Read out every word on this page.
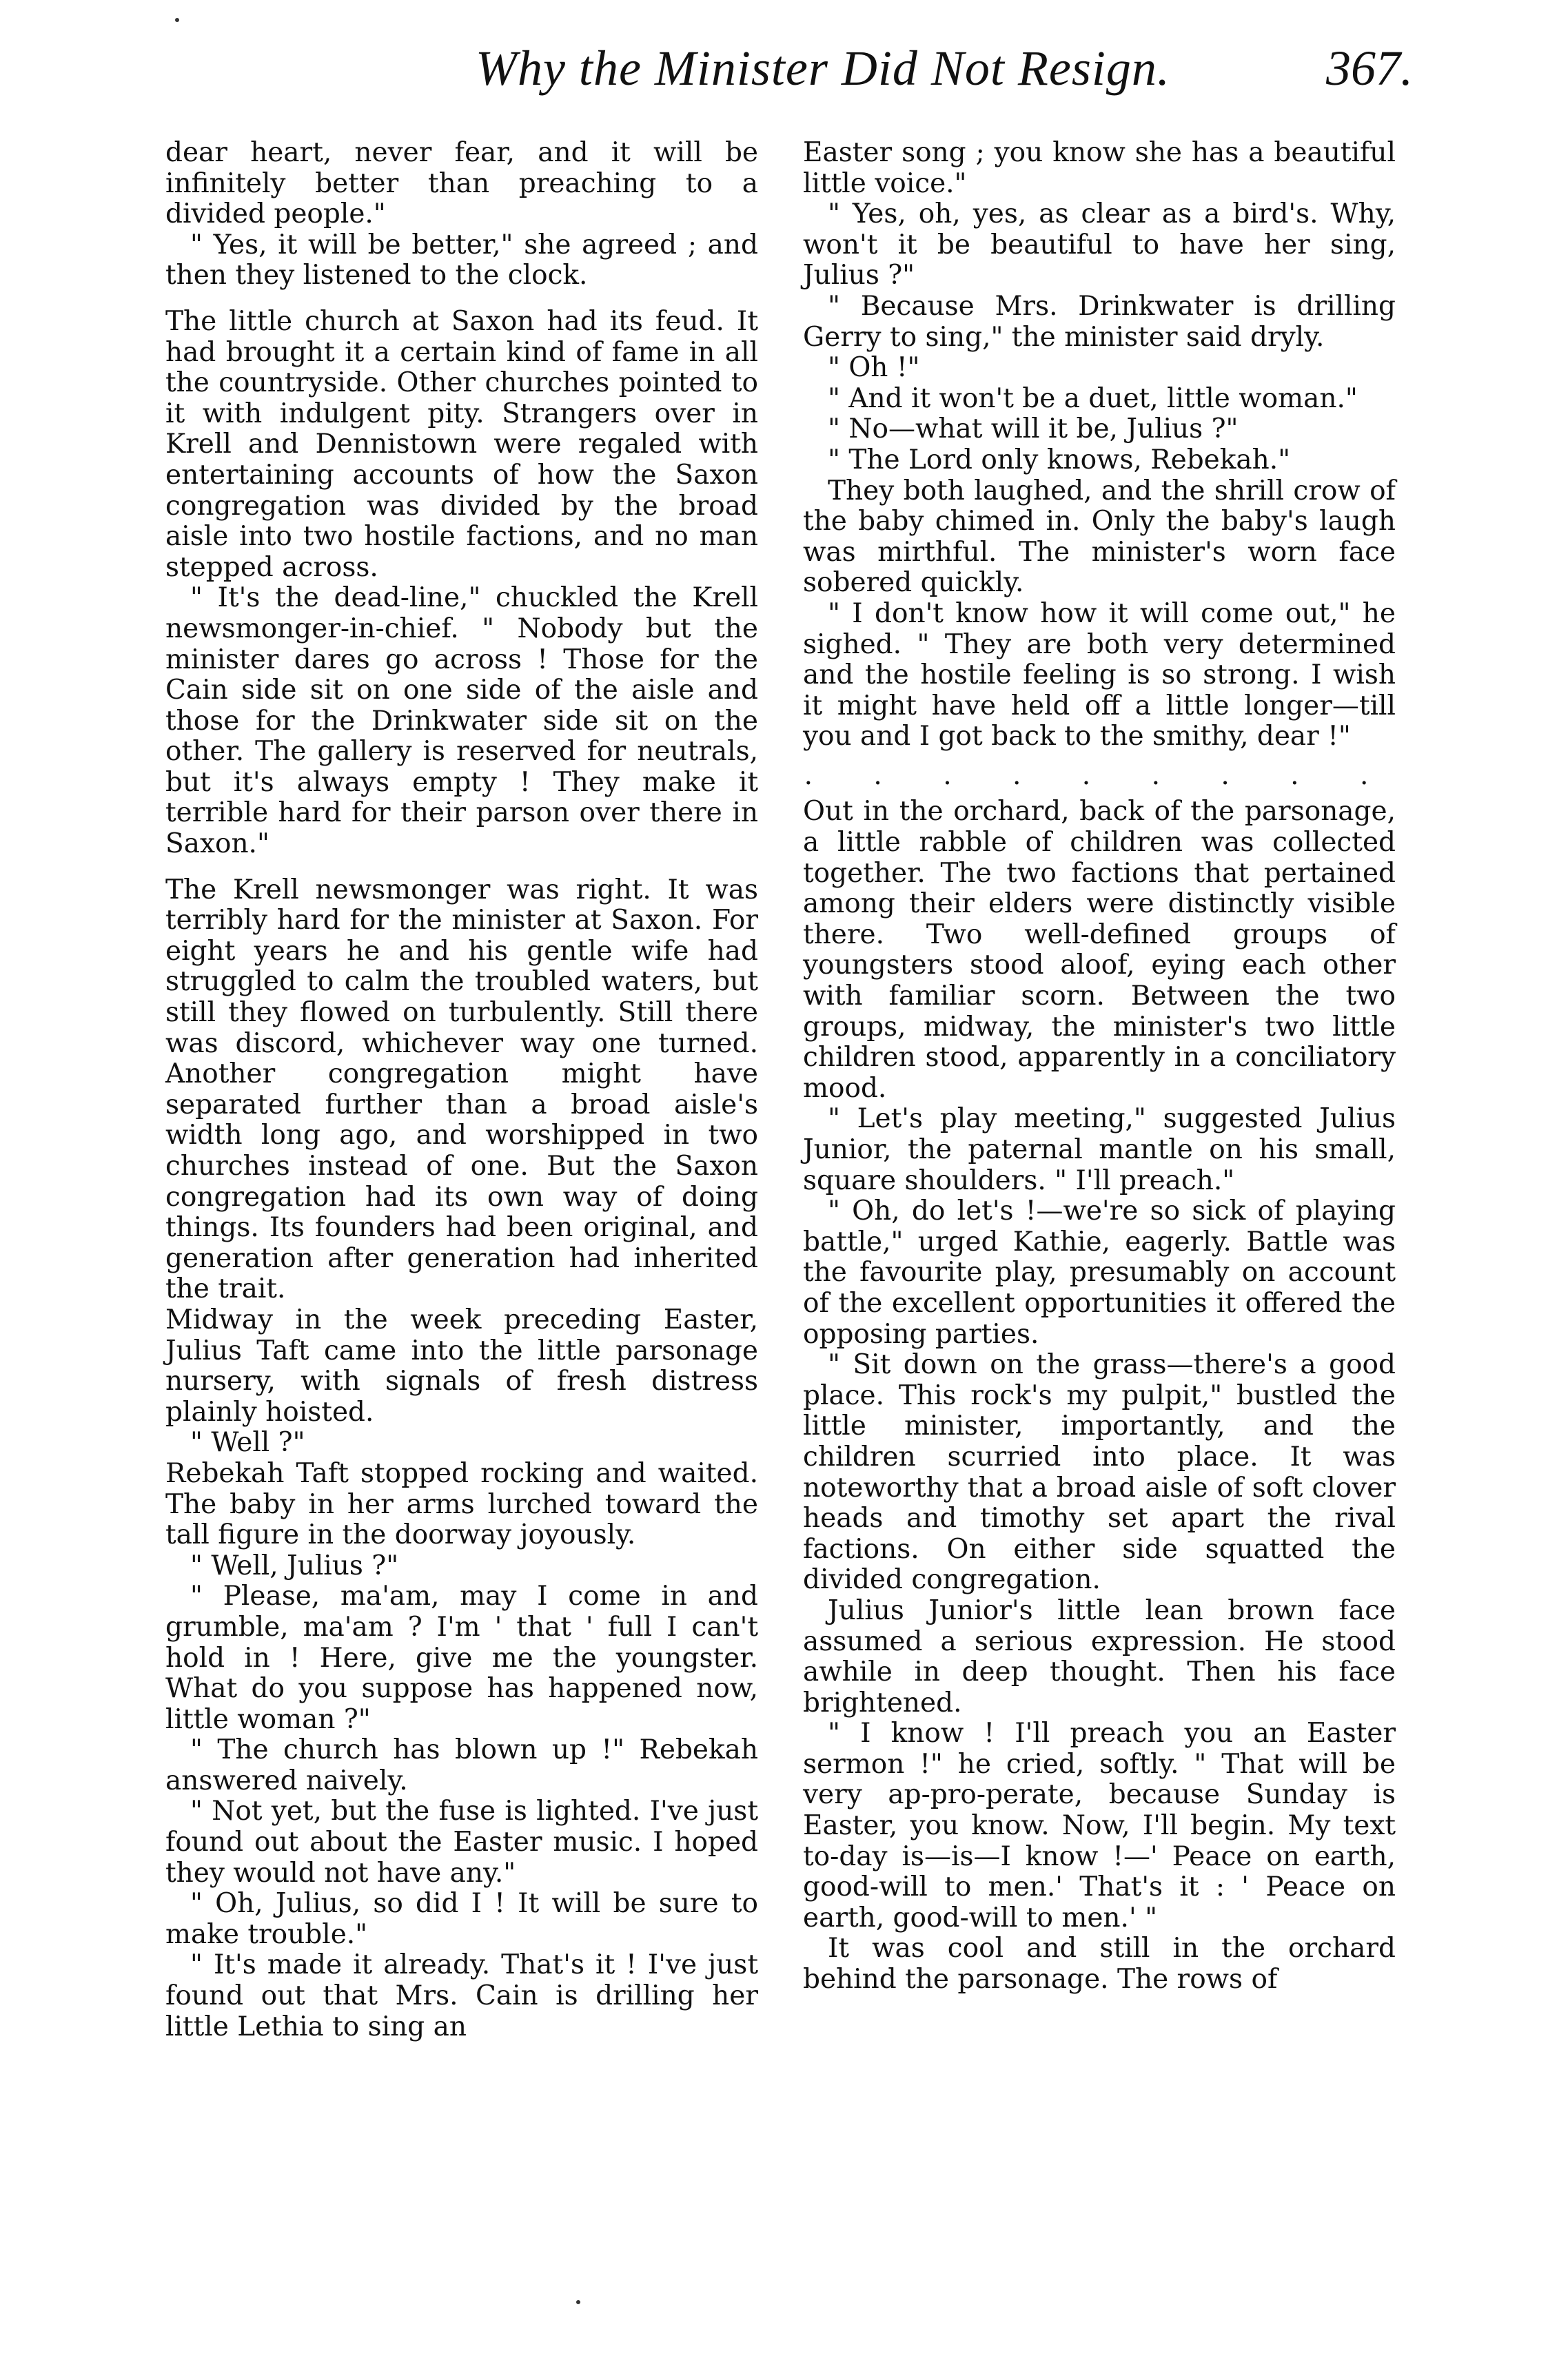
Why the Minister Did Not Resign.	367.

dear heart, never fear, and it will be infinitely better than preaching to a divided people."

" Yes, it will be better," she agreed ; and then they listened to the clock.

The little church at Saxon had its feud. It had brought it a certain kind of fame in all the countryside. Other churches pointed to it with indulgent pity. Strangers over in Krell and Dennistown were regaled with entertaining accounts of how the Saxon congregation was divided by the broad aisle into two hostile factions, and no man stepped across.

" It's the dead-line," chuckled the Krell newsmonger-in-chief. " Nobody but the minister dares go across ! Those for the Cain side sit on one side of the aisle and those for the Drinkwater side sit on the other. The gallery is reserved for neutrals, but it's always empty ! They make it terrible hard for their parson over there in Saxon."

The Krell newsmonger was right. It was terribly hard for the minister at Saxon. For eight years he and his gentle wife had struggled to calm the troubled waters, but still they flowed on turbulently. Still there was discord, whichever way one turned. Another congregation might have separated further than a broad aisle's width long ago, and worshipped in two churches instead of one. But the Saxon congregation had its own way of doing things. Its founders had been original, and generation after generation had inherited the trait.

Midway in the week preceding Easter, Julius Taft came into the little parsonage nursery, with signals of fresh distress plainly hoisted.

" Well ?"

Rebekah Taft stopped rocking and waited. The baby in her arms lurched toward the tall figure in the doorway joyously.

" Well, Julius ?"

" Please, ma'am, may I come in and grumble, ma'am ? I'm ' that ' full I can't hold in ! Here, give me the youngster. What do you suppose has happened now, little woman ?"

" The church has blown up !" Rebekah answered naively.

" Not yet, but the fuse is lighted. I've just found out about the Easter music. I hoped they would not have any."

" Oh, Julius, so did I ! It will be sure to make trouble."

" It's made it already. That's it ! I've just found out that Mrs. Cain is drilling her little Lethia to sing an

Easter song ; you know she has a beautiful little voice."

" Yes, oh, yes, as clear as a bird's. Why, won't it be beautiful to have her sing, Julius ?"

" Because Mrs. Drinkwater is drilling Gerry to sing," the minister said dryly.

" Oh !"

" And it won't be a duet, little woman."

" No—what will it be, Julius ?"

" The Lord only knows, Rebekah."

They both laughed, and the shrill crow of the baby chimed in. Only the baby's laugh was mirthful. The minister's worn face sobered quickly.

" I don't know how it will come out," he sighed. " They are both very determined and the hostile feeling is so strong. I wish it might have held off a little longer—till you and I got back to the smithy, dear !"

. . . . . . . . .

Out in the orchard, back of the parsonage, a little rabble of children was collected together. The two factions that pertained among their elders were distinctly visible there. Two well-defined groups of youngsters stood aloof, eying each other with familiar scorn. Between the two groups, midway, the minister's two little children stood, apparently in a conciliatory mood.

" Let's play meeting," suggested Julius Junior, the paternal mantle on his small, square shoulders. " I'll preach."

" Oh, do let's !—we're so sick of playing battle," urged Kathie, eagerly. Battle was the favourite play, presumably on account of the excellent opportunities it offered the opposing parties.

" Sit down on the grass—there's a good place. This rock's my pulpit," bustled the little minister, importantly, and the children scurried into place. It was noteworthy that a broad aisle of soft clover heads and timothy set apart the rival factions. On either side squatted the divided congregation.

Julius Junior's little lean brown face assumed a serious expression. He stood awhile in deep thought. Then his face brightened.

" I know ! I'll preach you an Easter sermon !" he cried, softly. " That will be very ap-pro-perate, because Sunday is Easter, you know. Now, I'll begin. My text to-day is—is—I know !—' Peace on earth, good-will to men.' That's it : ' Peace on earth, good-will to men.' "

It was cool and still in the orchard behind the parsonage. The rows of
